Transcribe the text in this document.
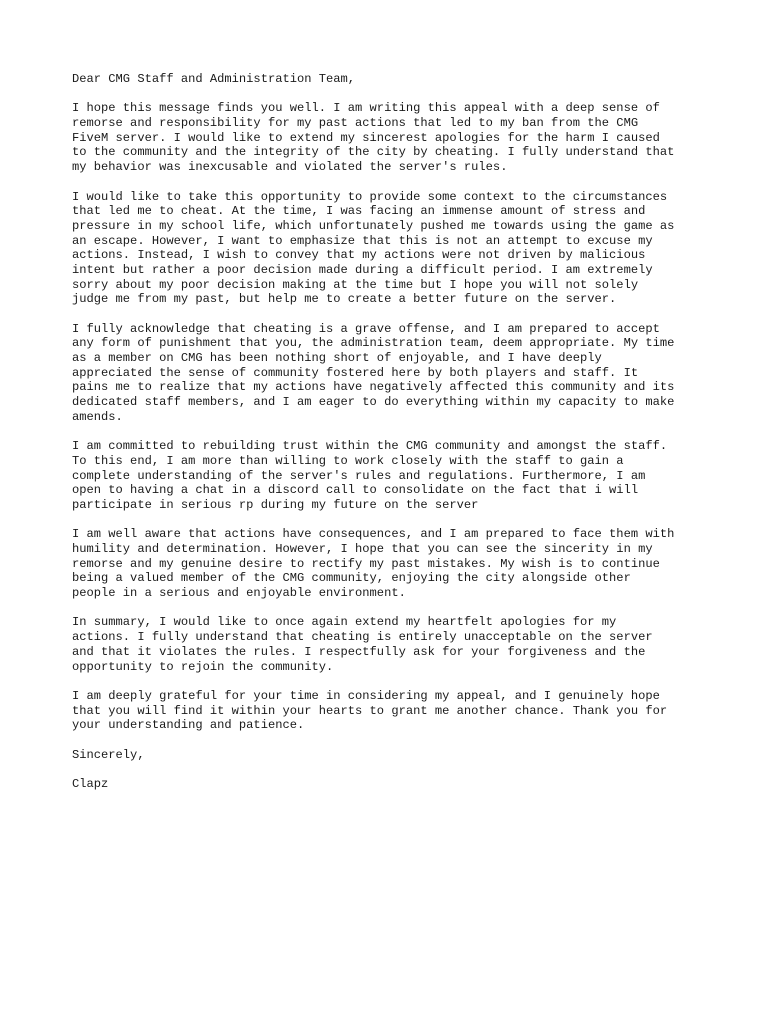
Dear CMG Staff and Administration Team,
I hope this message finds you well. I am writing this appeal with a deep sense of
remorse and responsibility for my past actions that led to my ban from the CMG
FiveM server. I would like to extend my sincerest apologies for the harm I caused
to the community and the integrity of the city by cheating. I fully understand that
my behavior was inexcusable and violated the server's rules.
I would like to take this opportunity to provide some context to the circumstances
that led me to cheat. At the time, I was facing an immense amount of stress and
pressure in my school life, which unfortunately pushed me towards using the game as
an escape. However, I want to emphasize that this is not an attempt to excuse my
actions. Instead, I wish to convey that my actions were not driven by malicious
intent but rather a poor decision made during a difficult period. I am extremely
sorry about my poor decision making at the time but I hope you will not solely
judge me from my past, but help me to create a better future on the server.
I fully acknowledge that cheating is a grave offense, and I am prepared to accept
any form of punishment that you, the administration team, deem appropriate. My time
as a member on CMG has been nothing short of enjoyable, and I have deeply
appreciated the sense of community fostered here by both players and staff. It
pains me to realize that my actions have negatively affected this community and its
dedicated staff members, and I am eager to do everything within my capacity to make
amends.
I am committed to rebuilding trust within the CMG community and amongst the staff.
To this end, I am more than willing to work closely with the staff to gain a
complete understanding of the server's rules and regulations. Furthermore, I am
open to having a chat in a discord call to consolidate on the fact that i will
participate in serious rp during my future on the server
I am well aware that actions have consequences, and I am prepared to face them with
humility and determination. However, I hope that you can see the sincerity in my
remorse and my genuine desire to rectify my past mistakes. My wish is to continue
being a valued member of the CMG community, enjoying the city alongside other
people in a serious and enjoyable environment.
In summary, I would like to once again extend my heartfelt apologies for my
actions. I fully understand that cheating is entirely unacceptable on the server
and that it violates the rules. I respectfully ask for your forgiveness and the
opportunity to rejoin the community.
I am deeply grateful for your time in considering my appeal, and I genuinely hope
that you will find it within your hearts to grant me another chance. Thank you for
your understanding and patience.
Sincerely,
Clapz
